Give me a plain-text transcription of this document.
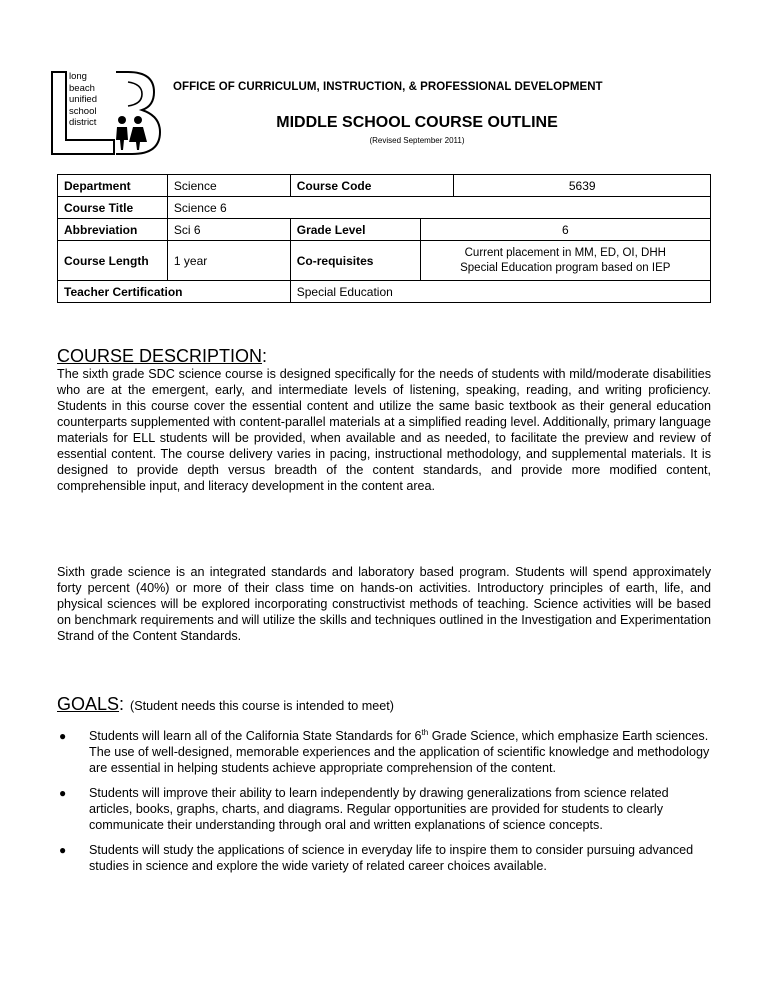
long
beach
unified
school
district
OFFICE OF CURRICULUM, INSTRUCTION, & PROFESSIONAL DEVELOPMENT
MIDDLE SCHOOL COURSE OUTLINE
(Revised September 2011)
Department	Science	Course Code		5639
Course Title	Science 6			
Abbreviation	Sci 6	Grade Level	6	
Course Length	1 year	Co-requisites	Current placement in MM, ED, OI, DHH
Special Education program based on IEP	

Teacher Certification		Special Education		
COURSE DESCRIPTION:

The sixth grade SDC science course is designed specifically for the needs of students with mild/moderate disabilities who are at the emergent, early, and intermediate levels of listening, speaking, reading, and writing proficiency. Students in this course cover the essential content and utilize the same basic textbook as their general education counterparts supplemented with content-parallel materials at a simplified reading level. Additionally, primary language materials for ELL students will be provided, when available and as needed, to facilitate the preview and review of essential content. The course delivery varies in pacing, instructional methodology, and supplemental materials. It is designed to provide depth versus breadth of the content standards, and provide more modified content, comprehensible input, and literacy development in the content area.

Sixth grade science is an integrated standards and laboratory based program. Students will spend approximately forty percent (40%) or more of their class time on hands-on activities. Introductory principles of earth, life, and physical sciences will be explored incorporating constructivist methods of teaching. Science activities will be based on benchmark requirements and will utilize the skills and techniques outlined in the Investigation and Experimentation Strand of the Content Standards.

GOALS: (Student needs this course is intended to meet)
● Students will learn all of the California State Standards for 6th Grade Science, which emphasize Earth sciences. The use of well-designed, memorable experiences and the application of scientific knowledge and methodology are essential in helping students achieve appropriate comprehension of the content.
● Students will improve their ability to learn independently by drawing generalizations from science related articles, books, graphs, charts, and diagrams. Regular opportunities are provided for students to clearly communicate their understanding through oral and written explanations of science concepts.
● Students will study the applications of science in everyday life to inspire them to consider pursuing advanced studies in science and explore the wide variety of related career choices available.
